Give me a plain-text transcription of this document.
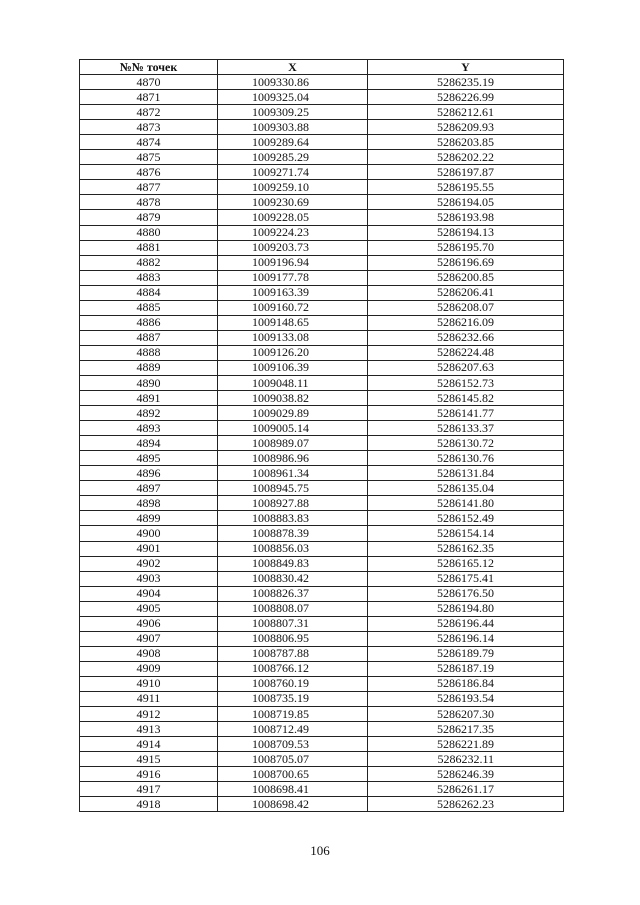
№№ точек	X	Y
4870	1009330.86	5286235.19
4871	1009325.04	5286226.99
4872	1009309.25	5286212.61
4873	1009303.88	5286209.93
4874	1009289.64	5286203.85
4875	1009285.29	5286202.22
4876	1009271.74	5286197.87
4877	1009259.10	5286195.55
4878	1009230.69	5286194.05
4879	1009228.05	5286193.98
4880	1009224.23	5286194.13
4881	1009203.73	5286195.70
4882	1009196.94	5286196.69
4883	1009177.78	5286200.85
4884	1009163.39	5286206.41
4885	1009160.72	5286208.07
4886	1009148.65	5286216.09
4887	1009133.08	5286232.66
4888	1009126.20	5286224.48
4889	1009106.39	5286207.63
4890	1009048.11	5286152.73
4891	1009038.82	5286145.82
4892	1009029.89	5286141.77
4893	1009005.14	5286133.37
4894	1008989.07	5286130.72
4895	1008986.96	5286130.76
4896	1008961.34	5286131.84
4897	1008945.75	5286135.04
4898	1008927.88	5286141.80
4899	1008883.83	5286152.49
4900	1008878.39	5286154.14
4901	1008856.03	5286162.35
4902	1008849.83	5286165.12
4903	1008830.42	5286175.41
4904	1008826.37	5286176.50
4905	1008808.07	5286194.80
4906	1008807.31	5286196.44
4907	1008806.95	5286196.14
4908	1008787.88	5286189.79
4909	1008766.12	5286187.19
4910	1008760.19	5286186.84
4911	1008735.19	5286193.54
4912	1008719.85	5286207.30
4913	1008712.49	5286217.35
4914	1008709.53	5286221.89
4915	1008705.07	5286232.11
4916	1008700.65	5286246.39
4917	1008698.41	5286261.17
4918	1008698.42	5286262.23
106
